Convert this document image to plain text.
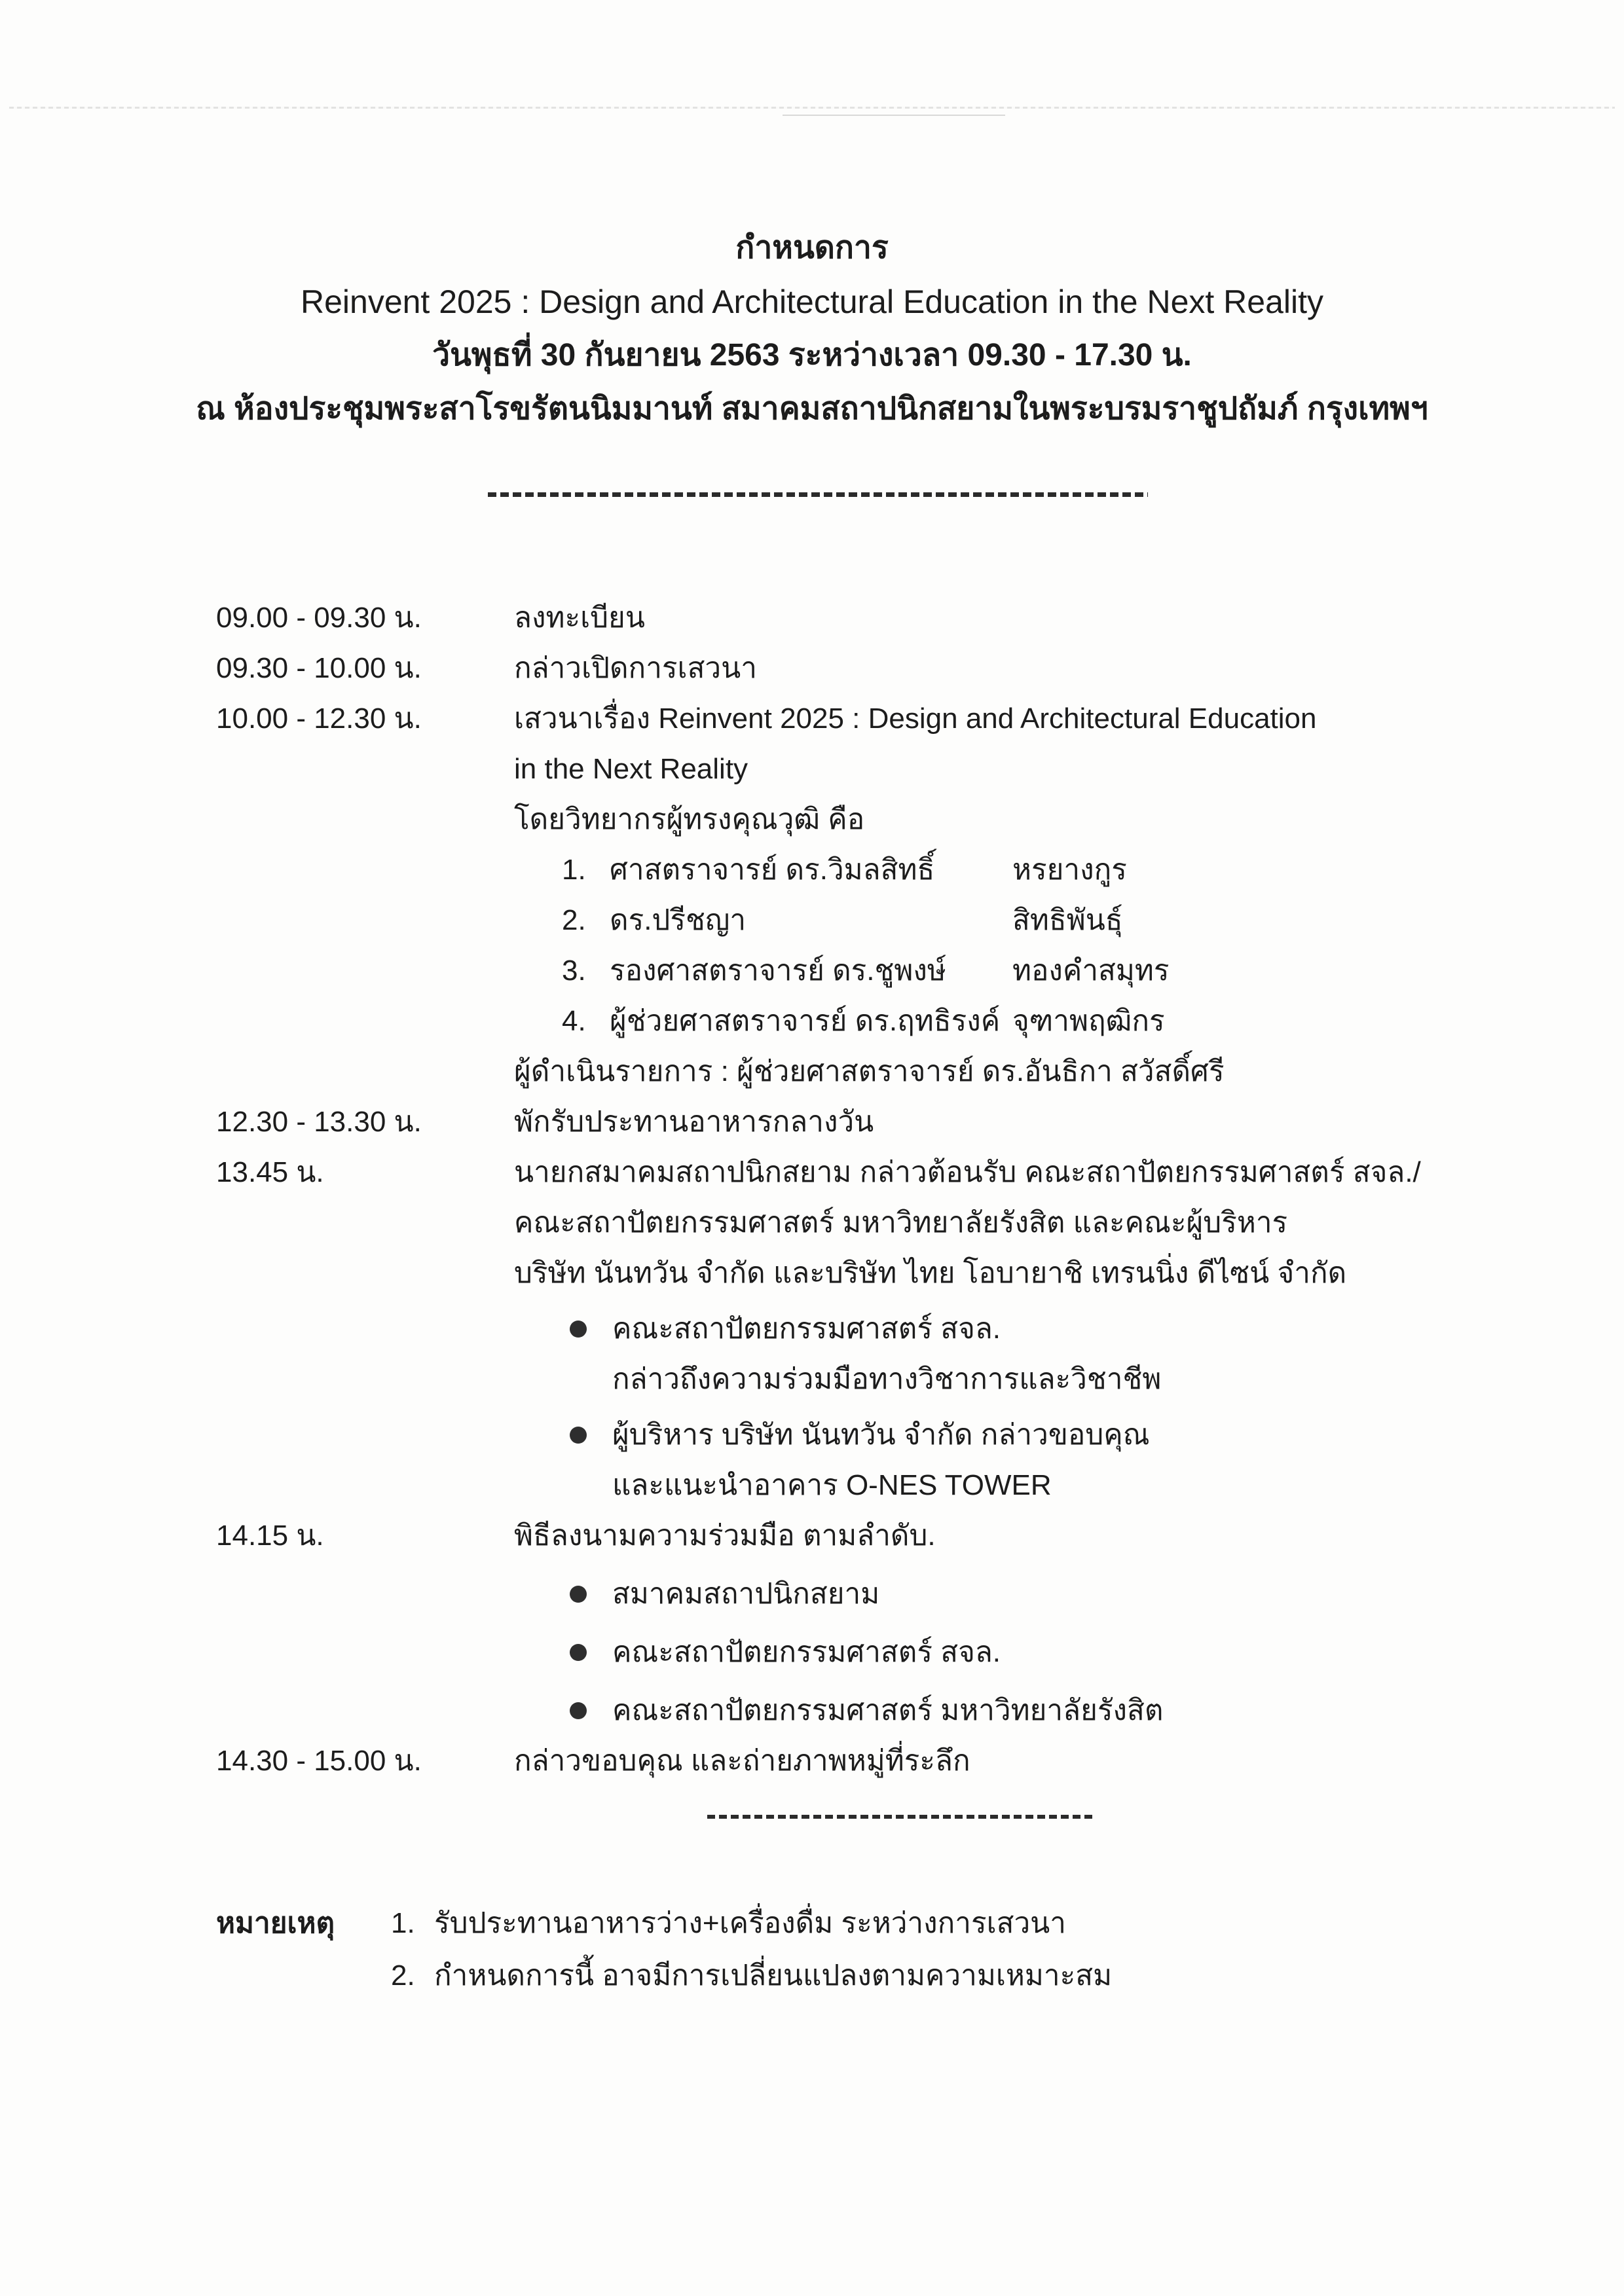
กำหนดการ
Reinvent 2025 : Design and Architectural Education in the Next Reality
วันพุธที่ 30 กันยายน 2563 ระหว่างเวลา 09.30 - 17.30 น.
ณ ห้องประชุมพระสาโรขรัตนนิมมานท์ สมาคมสถาปนิกสยามในพระบรมราชูปถัมภ์ กรุงเทพฯ
09.00 - 09.30 น.	ลงทะเบียน
09.30 - 10.00 น.	กล่าวเปิดการเสวนา
10.00 - 12.30 น.	เสวนาเรื่อง Reinvent 2025 : Design and Architectural Education
in the Next Reality
โดยวิทยากรผู้ทรงคุณวุฒิ คือ
1. ศาสตราจารย์ ดร.วิมลสิทธิ์	หรยางกูร
2. ดร.ปรีชญา	สิทธิพันธุ์
3. รองศาสตราจารย์ ดร.ชูพงษ์	ทองคำสมุทร
4. ผู้ช่วยศาสตราจารย์ ดร.ฤทธิรงค์ จุฑาพฤฒิกร
ผู้ดำเนินรายการ : ผู้ช่วยศาสตราจารย์ ดร.อันธิกา สวัสดิ์ศรี
12.30 - 13.30 น.	พักรับประทานอาหารกลางวัน
13.45 น.	นายกสมาคมสถาปนิกสยาม กล่าวต้อนรับ คณะสถาปัตยกรรมศาสตร์ สจล./
คณะสถาปัตยกรรมศาสตร์ มหาวิทยาลัยรังสิต และคณะผู้บริหาร
บริษัท นันทวัน จำกัด และบริษัท ไทย โอบายาชิ เทรนนิ่ง ดีไซน์ จำกัด
คณะสถาปัตยกรรมศาสตร์ สจล.
กล่าวถึงความร่วมมือทางวิชาการและวิชาชีพ
ผู้บริหาร บริษัท นันทวัน จำกัด กล่าวขอบคุณ
และแนะนำอาคาร O-NES TOWER
14.15 น.	พิธีลงนามความร่วมมือ ตามลำดับ.
สมาคมสถาปนิกสยาม
คณะสถาปัตยกรรมศาสตร์ สจล.
คณะสถาปัตยกรรมศาสตร์ มหาวิทยาลัยรังสิต
14.30 - 15.00 น.	กล่าวขอบคุณ และถ่ายภาพหมู่ที่ระลึก
หมายเหตุ	1. รับประทานอาหารว่าง+เครื่องดื่ม ระหว่างการเสวนา
2. กำหนดการนี้ อาจมีการเปลี่ยนแปลงตามความเหมาะสม
